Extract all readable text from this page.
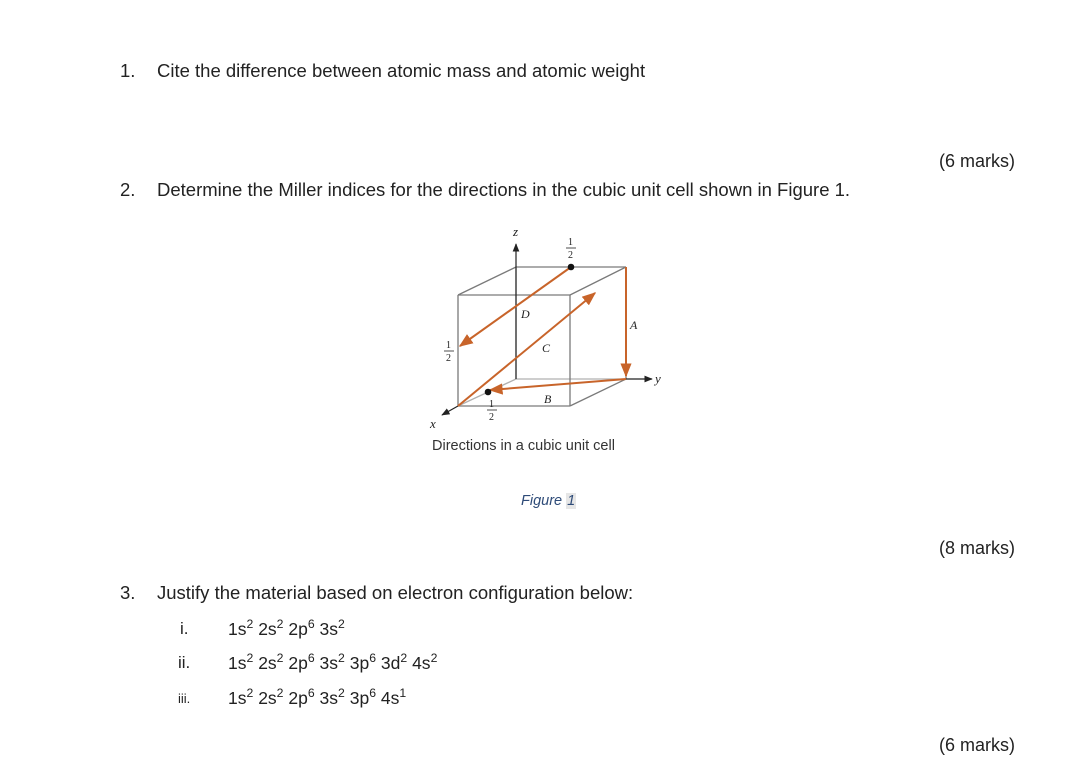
1. Cite the difference between atomic mass and atomic weight
(6 marks)
2. Determine the Miller indices for the directions in the cubic unit cell shown in Figure 1.
z
y
x
A
B
C
D
1
2
1
2
1
2
Directions in a cubic unit cell
Figure 1
(8 marks)
3. Justify the material based on electron configuration below:
i. $1s^2$ $2s^2$ $2p^6$ $3s^2$
ii. $1s^2$ $2s^2$ $2p^6$ $3s^2$ $3p^6$ $3d^2$ $4s^2$
iii. $1s^2$ $2s^2$ $2p^6$ $3s^2$ $3p^6$ $4s^1$
(6 marks)
